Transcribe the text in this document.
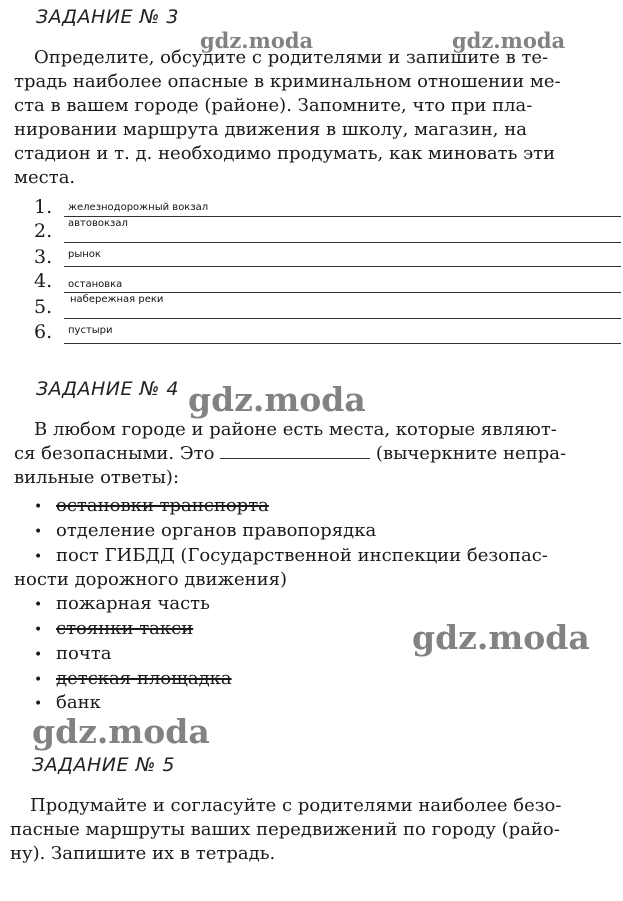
ЗАДАНИЕ № 3
gdz.moda	gdz.moda
Определите, обсудите с родителями и запишите в те-
традь наиболее опасные в криминальном отношении ме-
ста в вашем городе (районе). Запомните, что при пла-
нировании маршрута движения в школу, магазин, на
стадион и т. д. необходимо продумать, как миновать эти
места.
1. железнодорожный вокзал
2. автовокзал
3. рынок
4. остановка
5. набережная реки
6. пустыри
ЗАДАНИЕ № 4 gdz.moda
В любом городе и районе есть места, которые являют-
ся безопасными. Это	(вычеркните непра-
вильные ответы):
• остановки транспорта
• отделение органов правопорядка
• пост ГИБДД (Государственной инспекции безопас-
ности дорожного движения)
• пожарная часть
• стоянки такси
• почта
• детская площадка
• банк
gdz.moda
gdz.moda
ЗАДАНИЕ № 5
Продумайте и согласуйте с родителями наиболее безо-
пасные маршруты ваших передвижений по городу (райо-
ну). Запишите их в тетрадь.
